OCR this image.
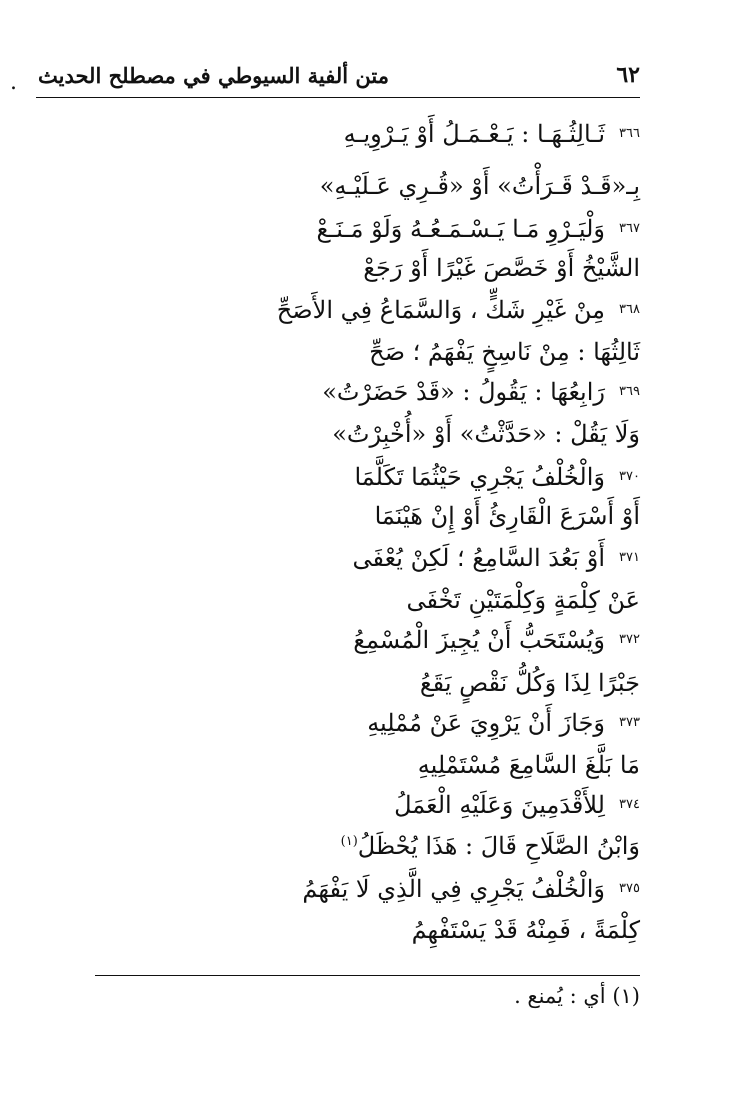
.	٦٢
متن ألفية السيوطي في مصطلح الحديث
٣٦٦
ثَـالِثُـهَـا : يَـعْـمَـلُ أَوْ يَـرْوِيـهِ
بِـ«قَـدْ قَـرَأْتُ» أَوْ «قُـرِي عَـلَيْـهِ»
٣٦٧
وَلْيَـرْوِ مَـا يَـسْـمَـعُـهُ وَلَوْ مَـنَـعْ
الشَّيْخُ أَوْ خَصَّصَ غَيْرًا أَوْ رَجَعْ
٣٦٨
مِنْ غَيْرِ شَكٍّ ، وَالسَّمَاعُ فِي الأَصَحِّ
ثَالِثُهَا : مِنْ نَاسِخٍ يَفْهَمُ ؛ صَحِّ
٣٦٩
رَابِعُهَا : يَقُولُ : «قَدْ حَضَرْتُ»
وَلَا يَقُلْ : «حَدَّثْتُ» أَوْ «أُخْبِرْتُ»
٣٧٠
وَالْخُلْفُ يَجْرِي حَيْثُمَا تَكَلَّمَا
أَوْ أَسْرَعَ الْقَارِئُ أَوْ إِنْ هَيْنَمَا
٣٧١
أَوْ بَعُدَ السَّامِعُ ؛ لَكِنْ يُعْفَى
عَنْ كِلْمَةٍ وَكِلْمَتَيْنِ تَخْفَى
٣٧٢
وَيُسْتَحَبُّ أَنْ يُجِيزَ الْمُسْمِعُ
جَبْرًا لِذَا وَكُلُّ نَقْصٍ يَقَعُ
٣٧٣
وَجَازَ أَنْ يَرْوِيَ عَنْ مُمْلِيهِ
مَا بَلَّغَ السَّامِعَ مُسْتَمْلِيهِ
٣٧٤
لِلأَقْدَمِينَ وَعَلَيْهِ الْعَمَلُ
وَابْنُ الصَّلَاحِ قَالَ : هَذَا يُحْظَلُ$^{(١)}$
٣٧٥
وَالْخُلْفُ يَجْرِي فِي الَّذِي لَا يَفْهَمُ
كِلْمَةً ، فَمِنْهُ قَدْ يَسْتَفْهِمُ
(١) أي : يُمنع .
